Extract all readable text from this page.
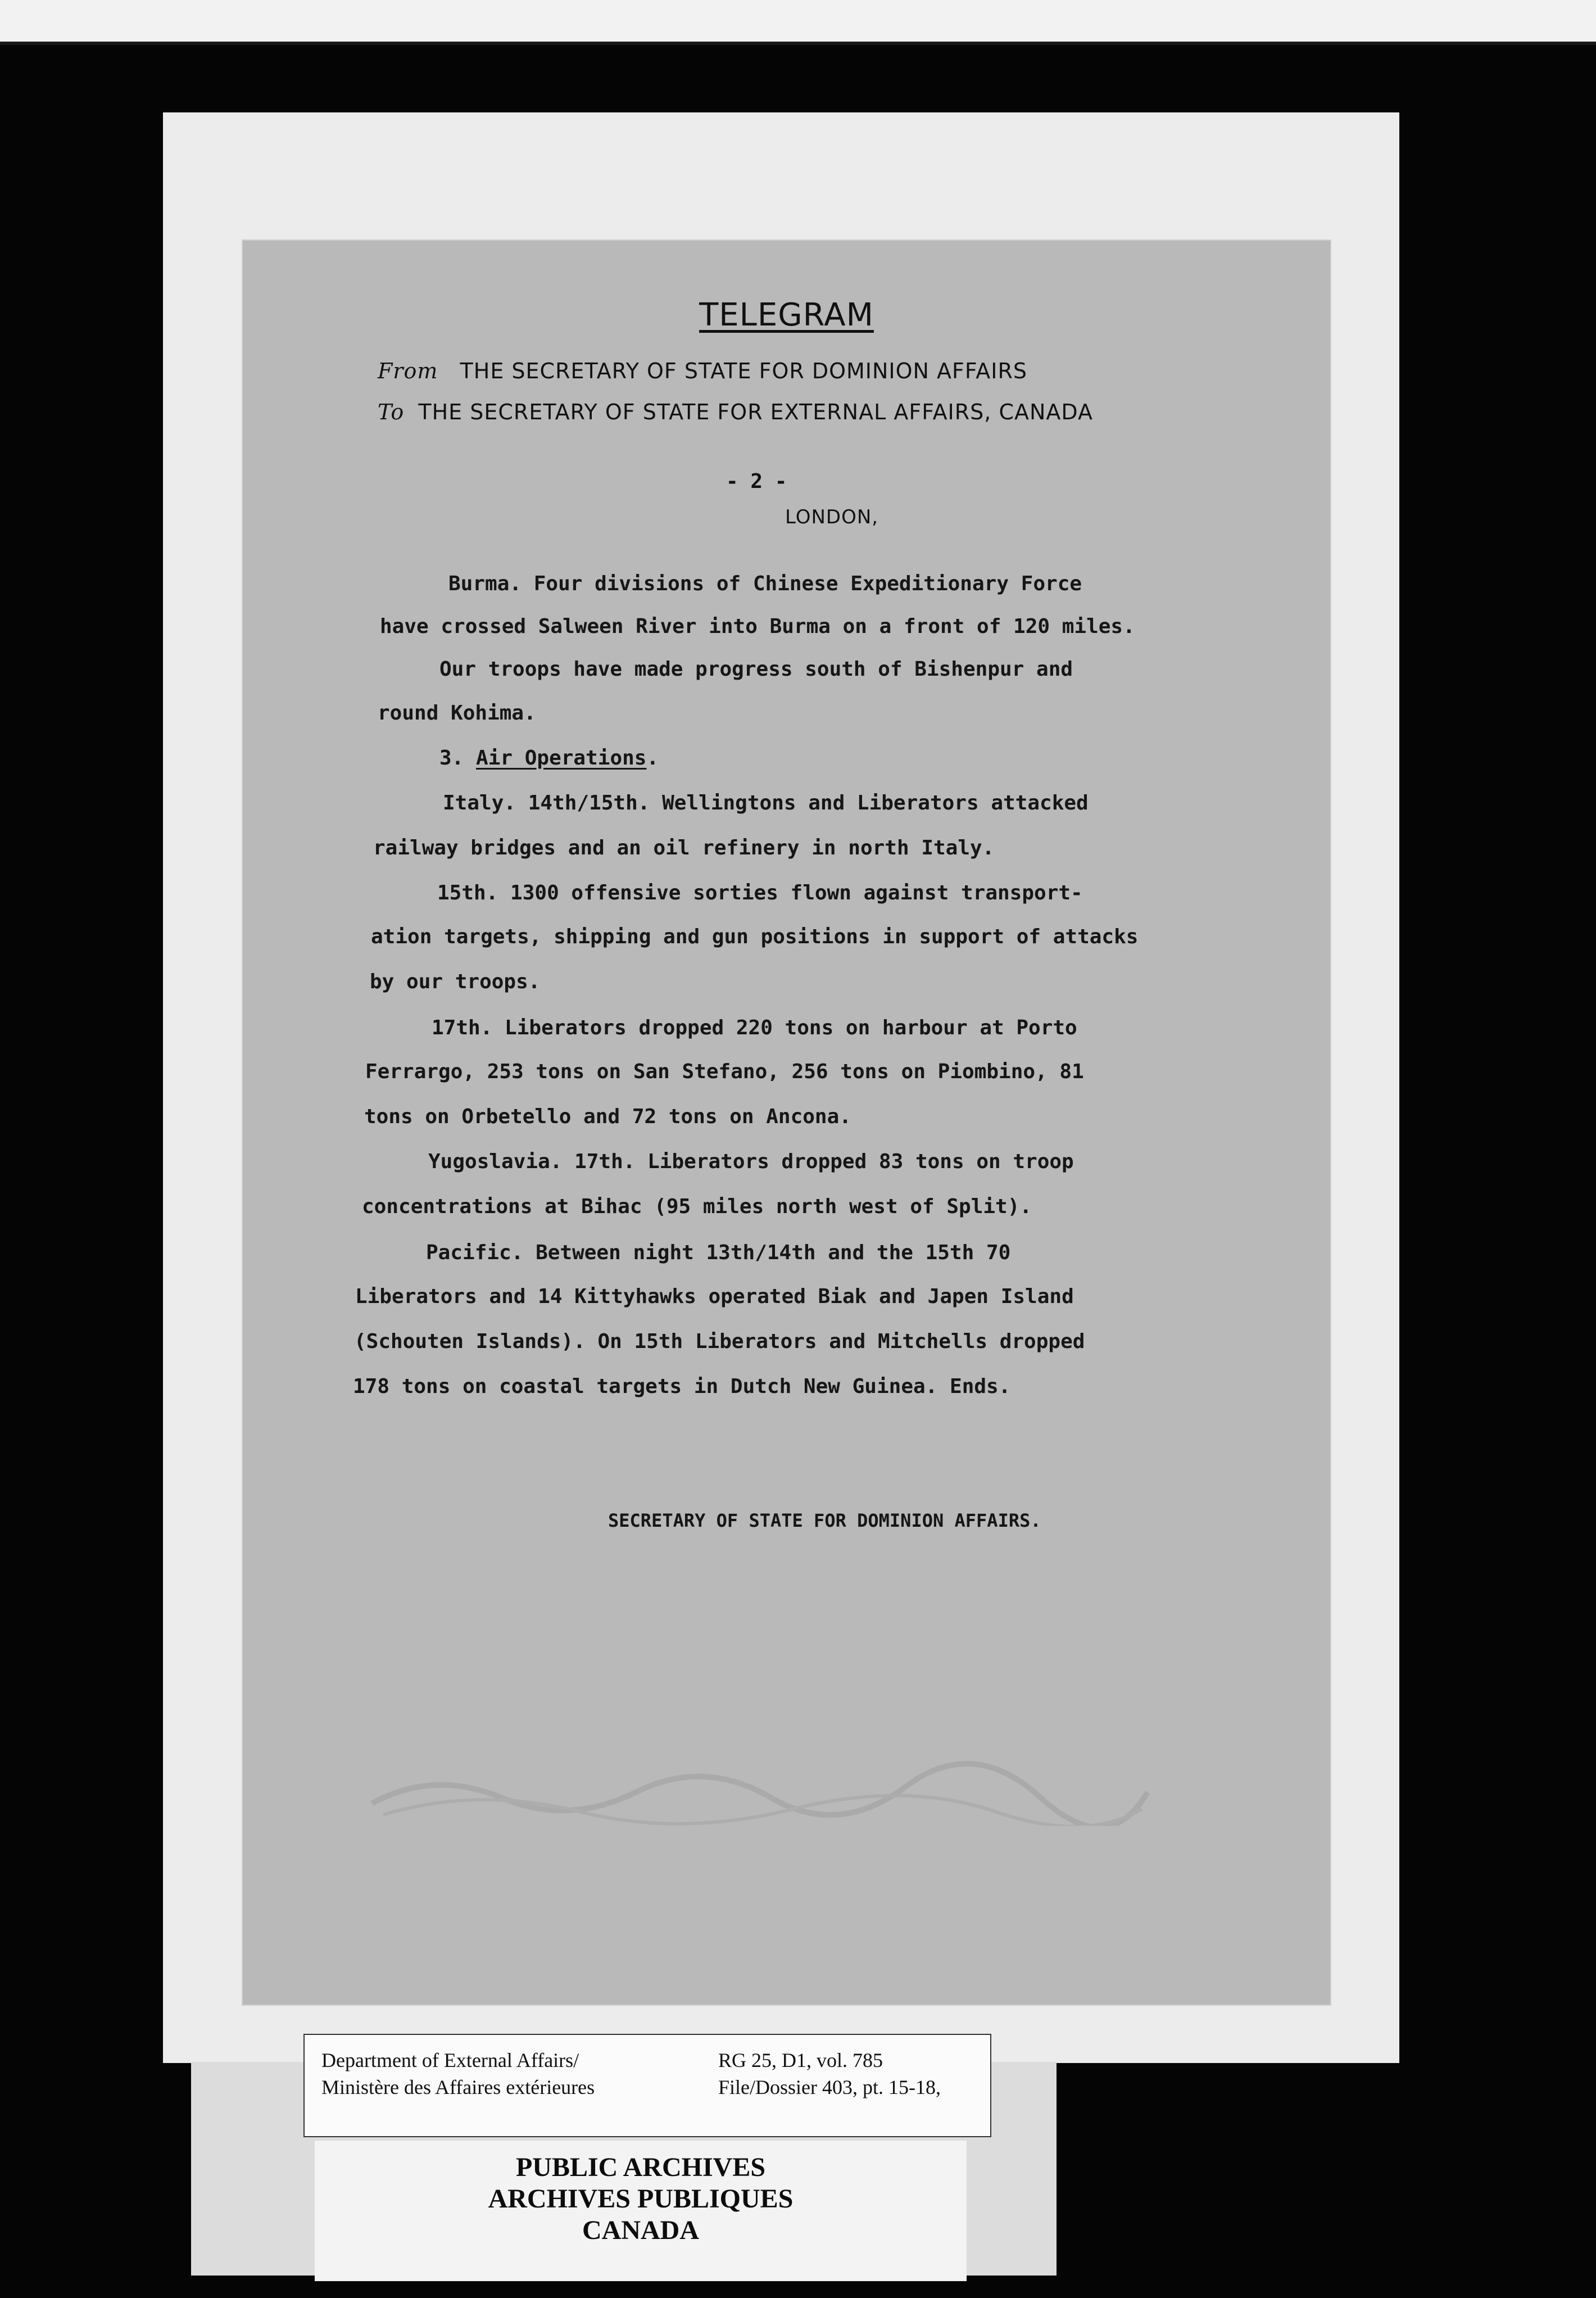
TELEGRAM
From THE SECRETARY OF STATE FOR DOMINION AFFAIRS
To THE SECRETARY OF STATE FOR EXTERNAL AFFAIRS, CANADA
- 2 -
LONDON,
Burma. Four divisions of Chinese Expeditionary Force
have crossed Salween River into Burma on a front of 120 miles.
Our troops have made progress south of Bishenpur and
round Kohima.
3. Air Operations.
Italy. 14th/15th. Wellingtons and Liberators attacked
railway bridges and an oil refinery in north Italy.
15th. 1300 offensive sorties flown against transport-
ation targets, shipping and gun positions in support of attacks
by our troops.
17th. Liberators dropped 220 tons on harbour at Porto
Ferrargo, 253 tons on San Stefano, 256 tons on Piombino, 81
tons on Orbetello and 72 tons on Ancona.
Yugoslavia. 17th. Liberators dropped 83 tons on troop
concentrations at Bihac (95 miles north west of Split).
Pacific. Between night 13th/14th and the 15th 70
Liberators and 14 Kittyhawks operated Biak and Japen Island
(Schouten Islands). On 15th Liberators and Mitchells dropped
178 tons on coastal targets in Dutch New Guinea. Ends.
SECRETARY OF STATE FOR DOMINION AFFAIRS.
Department of External Affairs/
Ministère des Affaires extérieures
RG 25, D1, vol. 785
File/Dossier 403, pt. 15-18,
PUBLIC ARCHIVES
ARCHIVES PUBLIQUES
CANADA
